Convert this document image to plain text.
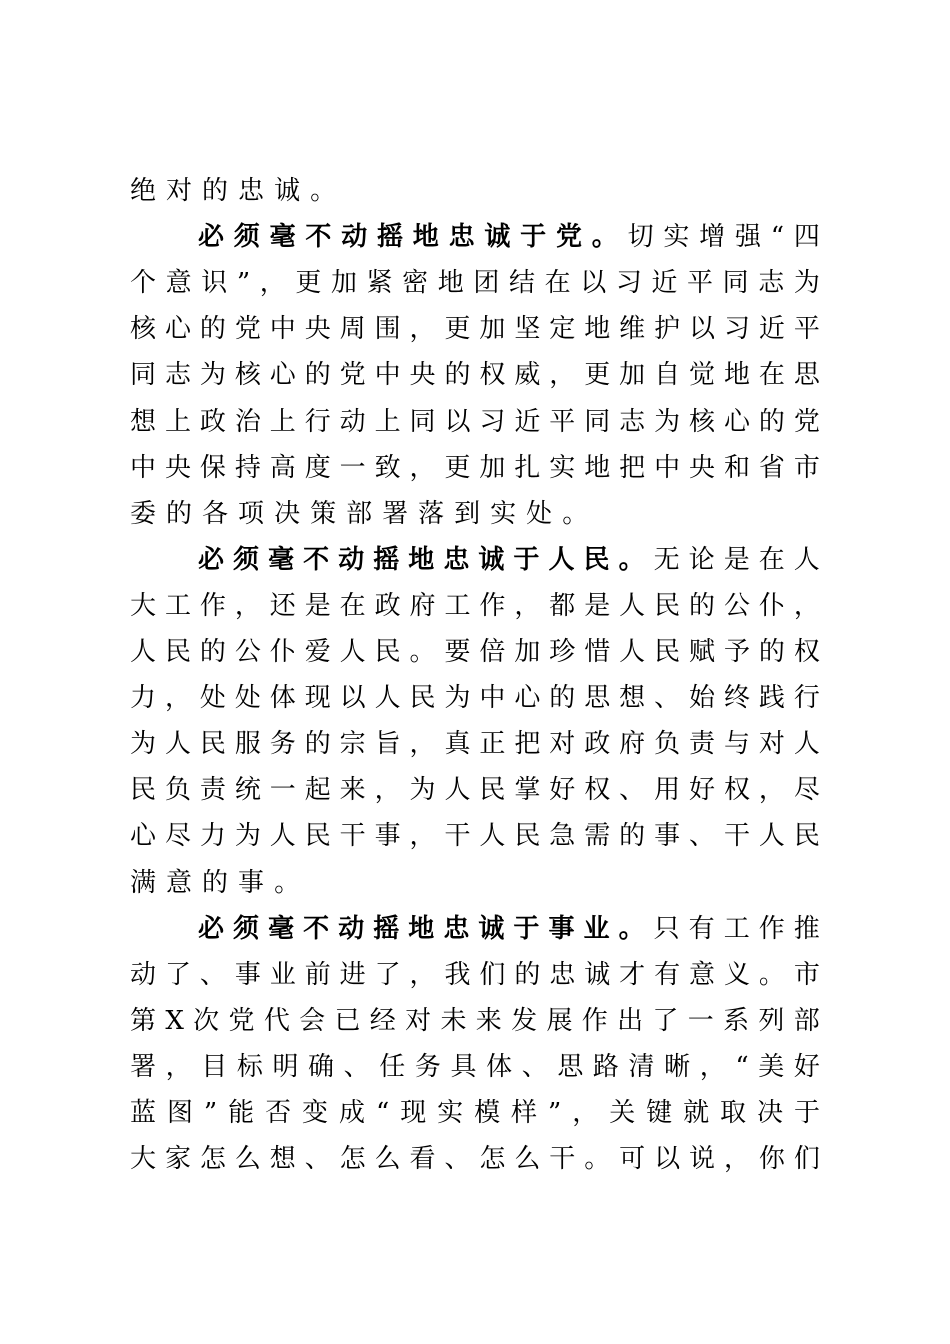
绝 对 的 忠 诚 。
必 须 毫 不 动 摇 地 忠 诚 于 党 。 切 实 增 强 “ 四
个 意 识 ” ， 更 加 紧 密 地 团 结 在 以 习 近 平 同 志 为
核 心 的 党 中 央 周 围 ， 更 加 坚 定 地 维 护 以 习 近 平
同 志 为 核 心 的 党 中 央 的 权 威 ， 更 加 自 觉 地 在 思
想 上 政 治 上 行 动 上 同 以 习 近 平 同 志 为 核 心 的 党
中 央 保 持 高 度 一 致 ， 更 加 扎 实 地 把 中 央 和 省 市
委 的 各 项 决 策 部 署 落 到 实 处 。
必 须 毫 不 动 摇 地 忠 诚 于 人 民 。 无 论 是 在 人
大 工 作 ， 还 是 在 政 府 工 作 ， 都 是 人 民 的 公 仆 ，
人 民 的 公 仆 爱 人 民 。 要 倍 加 珍 惜 人 民 赋 予 的 权
力 ， 处 处 体 现 以 人 民 为 中 心 的 思 想 、 始 终 践 行
为 人 民 服 务 的 宗 旨 ， 真 正 把 对 政 府 负 责 与 对 人
民 负 责 统 一 起 来 ， 为 人 民 掌 好 权 、 用 好 权 ， 尽
心 尽 力 为 人 民 干 事 ， 干 人 民 急 需 的 事 、 干 人 民
满 意 的 事 。
必 须 毫 不 动 摇 地 忠 诚 于 事 业 。 只 有 工 作 推
动 了 、 事 业 前 进 了 ， 我 们 的 忠 诚 才 有 意 义 。 市
第 X 次 党 代 会 已 经 对 未 来 发 展 作 出 了 一 系 列 部
署 ， 目 标 明 确 、 任 务 具 体 、 思 路 清 晰 ， “ 美 好
蓝 图 ” 能 否 变 成 “ 现 实 模 样 ” ， 关 键 就 取 决 于
大 家 怎 么 想 、 怎 么 看 、 怎 么 干 。 可 以 说 ， 你 们
